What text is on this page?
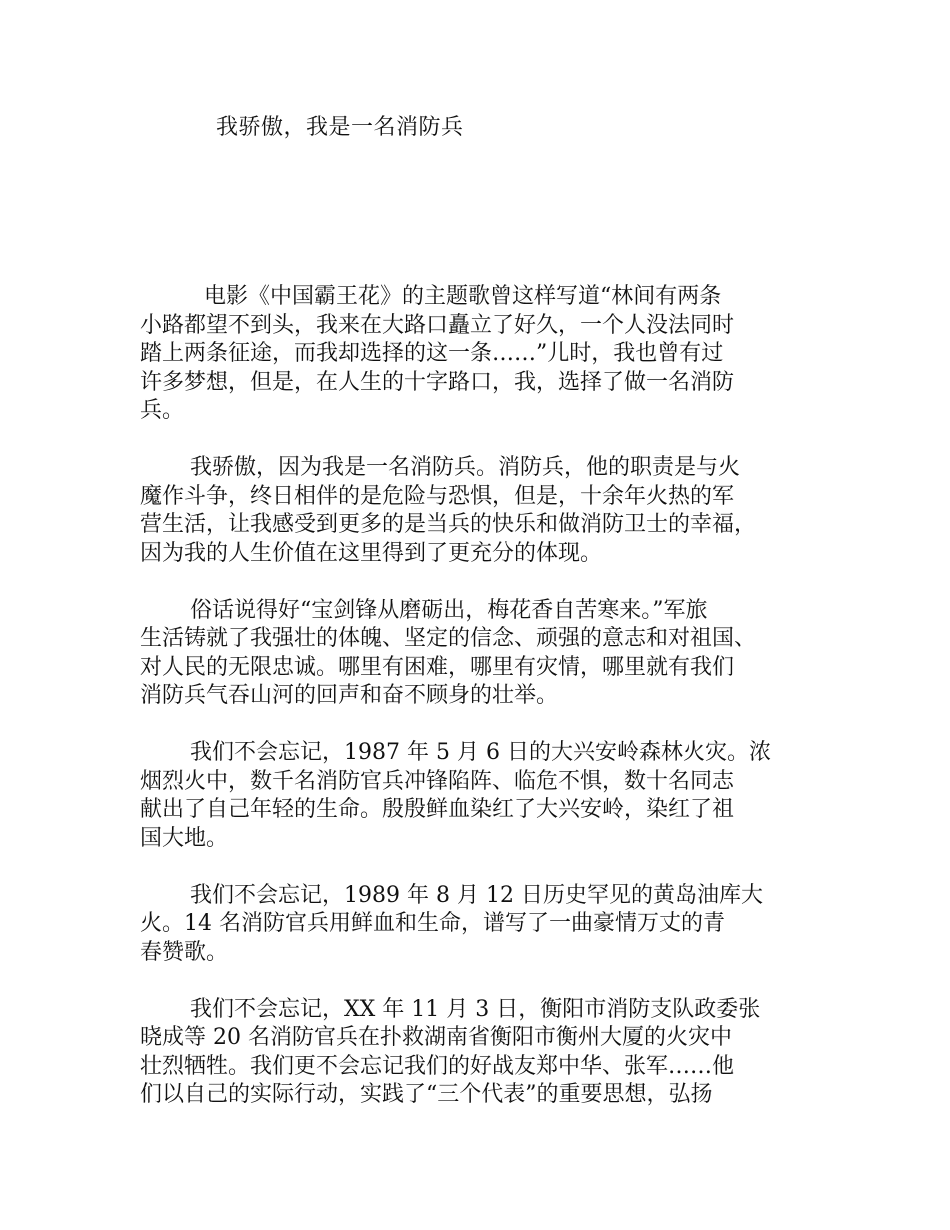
我骄傲，我是一名消防兵

电影《中国霸王花》的主题歌曾这样写道“林间有两条
小路都望不到头，我来在大路口矗立了好久，一个人没法同时
踏上两条征途，而我却选择的这一条……”儿时，我也曾有过
许多梦想，但是，在人生的十字路口，我，选择了做一名消防
兵。

我骄傲，因为我是一名消防兵。消防兵，他的职责是与火
魔作斗争，终日相伴的是危险与恐惧，但是，十余年火热的军
营生活，让我感受到更多的是当兵的快乐和做消防卫士的幸福，
因为我的人生价值在这里得到了更充分的体现。

俗话说得好“宝剑锋从磨砺出，梅花香自苦寒来。”军旅
生活铸就了我强壮的体魄、坚定的信念、顽强的意志和对祖国、
对人民的无限忠诚。哪里有困难，哪里有灾情，哪里就有我们
消防兵气吞山河的回声和奋不顾身的壮举。

我们不会忘记，1987 年 5 月 6 日的大兴安岭森林火灾。浓
烟烈火中，数千名消防官兵冲锋陷阵、临危不惧，数十名同志
献出了自己年轻的生命。殷殷鲜血染红了大兴安岭，染红了祖
国大地。

我们不会忘记，1989 年 8 月 12 日历史罕见的黄岛油库大
火。14 名消防官兵用鲜血和生命，谱写了一曲豪情万丈的青
春赞歌。

我们不会忘记，XX 年 11 月 3 日，衡阳市消防支队政委张
晓成等 20 名消防官兵在扑救湖南省衡阳市衡州大厦的火灾中
壮烈牺牲。我们更不会忘记我们的好战友郑中华、张军……他
们以自己的实际行动，实践了“三个代表”的重要思想，弘扬
